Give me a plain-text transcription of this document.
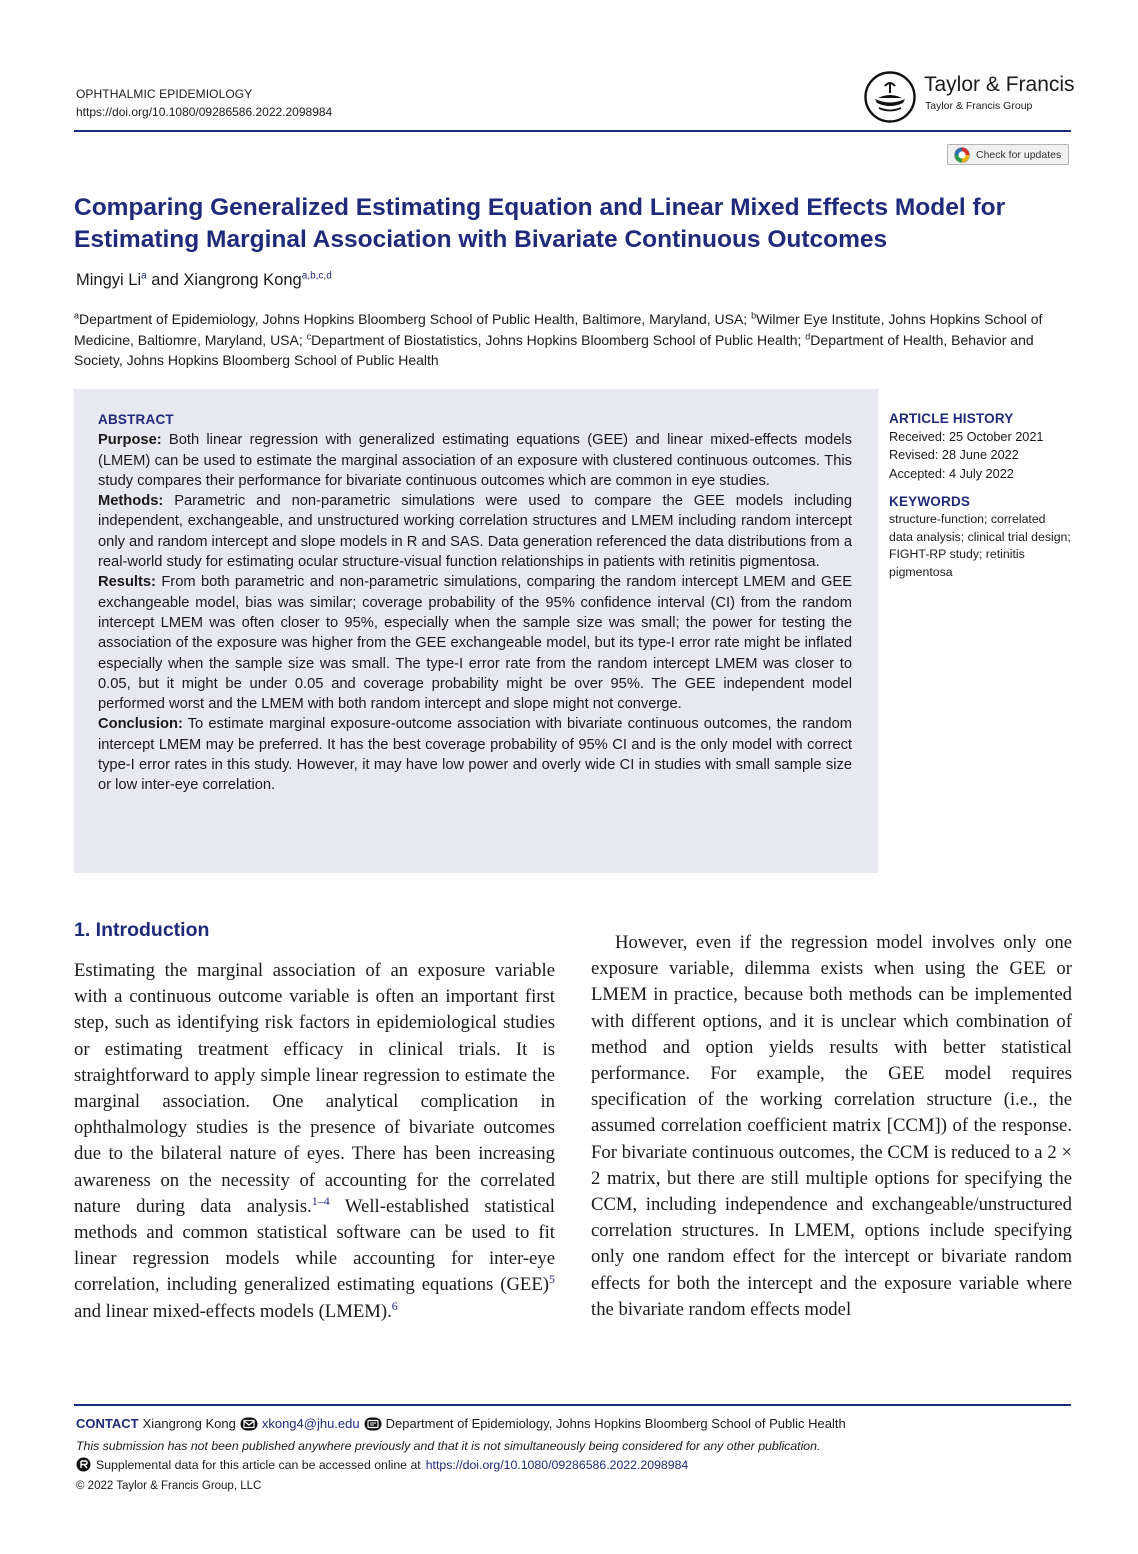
OPHTHALMIC EPIDEMIOLOGY
https://doi.org/10.1080/09286586.2022.2098984
Taylor & Francis
Taylor & Francis Group
Check for updates
Comparing Generalized Estimating Equation and Linear Mixed Effects Model for Estimating Marginal Association with Bivariate Continuous Outcomes
Mingyi Li$^a$ and Xiangrong Kong$^{a,b,c,d}$
$^a$Department of Epidemiology, Johns Hopkins Bloomberg School of Public Health, Baltimore, Maryland, USA; $^b$Wilmer Eye Institute, Johns Hopkins School of Medicine, Baltiomre, Maryland, USA; $^c$Department of Biostatistics, Johns Hopkins Bloomberg School of Public Health; $^d$Department of Health, Behavior and Society, Johns Hopkins Bloomberg School of Public Health
ABSTRACT

Purpose: Both linear regression with generalized estimating equations (GEE) and linear mixed-effects models (LMEM) can be used to estimate the marginal association of an exposure with clustered continuous outcomes. This study compares their performance for bivariate continuous outcomes which are common in eye studies.

Methods: Parametric and non-parametric simulations were used to compare the GEE models including independent, exchangeable, and unstructured working correlation structures and LMEM including random intercept only and random intercept and slope models in R and SAS. Data generation referenced the data distributions from a real-world study for estimating ocular structure-visual function relationships in patients with retinitis pigmentosa.

Results: From both parametric and non-parametric simulations, comparing the random intercept LMEM and GEE exchangeable model, bias was similar; coverage probability of the 95% confidence interval (CI) from the random intercept LMEM was often closer to 95%, especially when the sample size was small; the power for testing the association of the exposure was higher from the GEE exchangeable model, but its type-I error rate might be inflated especially when the sample size was small. The type-I error rate from the random intercept LMEM was closer to 0.05, but it might be under 0.05 and coverage probability might be over 95%. The GEE independent model performed worst and the LMEM with both random intercept and slope might not converge.

Conclusion: To estimate marginal exposure-outcome association with bivariate continuous outcomes, the random intercept LMEM may be preferred. It has the best coverage probability of 95% CI and is the only model with correct type-I error rates in this study. However, it may have low power and overly wide CI in studies with small sample size or low inter-eye correlation.

ARTICLE HISTORY

Received: 25 October 2021

Revised: 28 June 2022

Accepted: 4 July 2022

KEYWORDS

structure-function; correlated data analysis; clinical trial design; FIGHT-RP study; retinitis pigmentosa

1. Introduction

Estimating the marginal association of an exposure variable with a continuous outcome variable is often an important first step, such as identifying risk factors in epidemiological studies or estimating treatment efficacy in clinical trials. It is straightforward to apply simple linear regression to estimate the marginal association. One analytical complication in ophthalmology studies is the presence of bivariate outcomes due to the bilateral nature of eyes. There has been increasing awareness on the necessity of accounting for the correlated nature during data analysis.$^{1-4}$ Well-established statistical methods and common statistical software can be used to fit linear regression models while accounting for inter-eye correlation, including generalized estimating equations (GEE)$^5$ and linear mixed-effects models (LMEM).$^6$

However, even if the regression model involves only one exposure variable, dilemma exists when using the GEE or LMEM in practice, because both methods can be implemented with different options, and it is unclear which combination of method and option yields results with better statistical performance. For example, the GEE model requires specification of the working correlation structure (i.e., the assumed correlation coefficient matrix [CCM]) of the response. For bivariate continuous outcomes, the CCM is reduced to a 2 × 2 matrix, but there are still multiple options for specifying the CCM, including independence and exchangeable/unstructured correlation structures. In LMEM, options include specifying only one random effect for the intercept or bivariate random effects for both the intercept and the exposure variable where the bivariate random effects model

CONTACT Xiangrong Kong xkong4@jhu.edu Department of Epidemiology, Johns Hopkins Bloomberg School of Public Health
This submission has not been published anywhere previously and that it is not simultaneously being considered for any other publication.
Supplemental data for this article can be accessed online at https://doi.org/10.1080/09286586.2022.2098984
© 2022 Taylor & Francis Group, LLC
